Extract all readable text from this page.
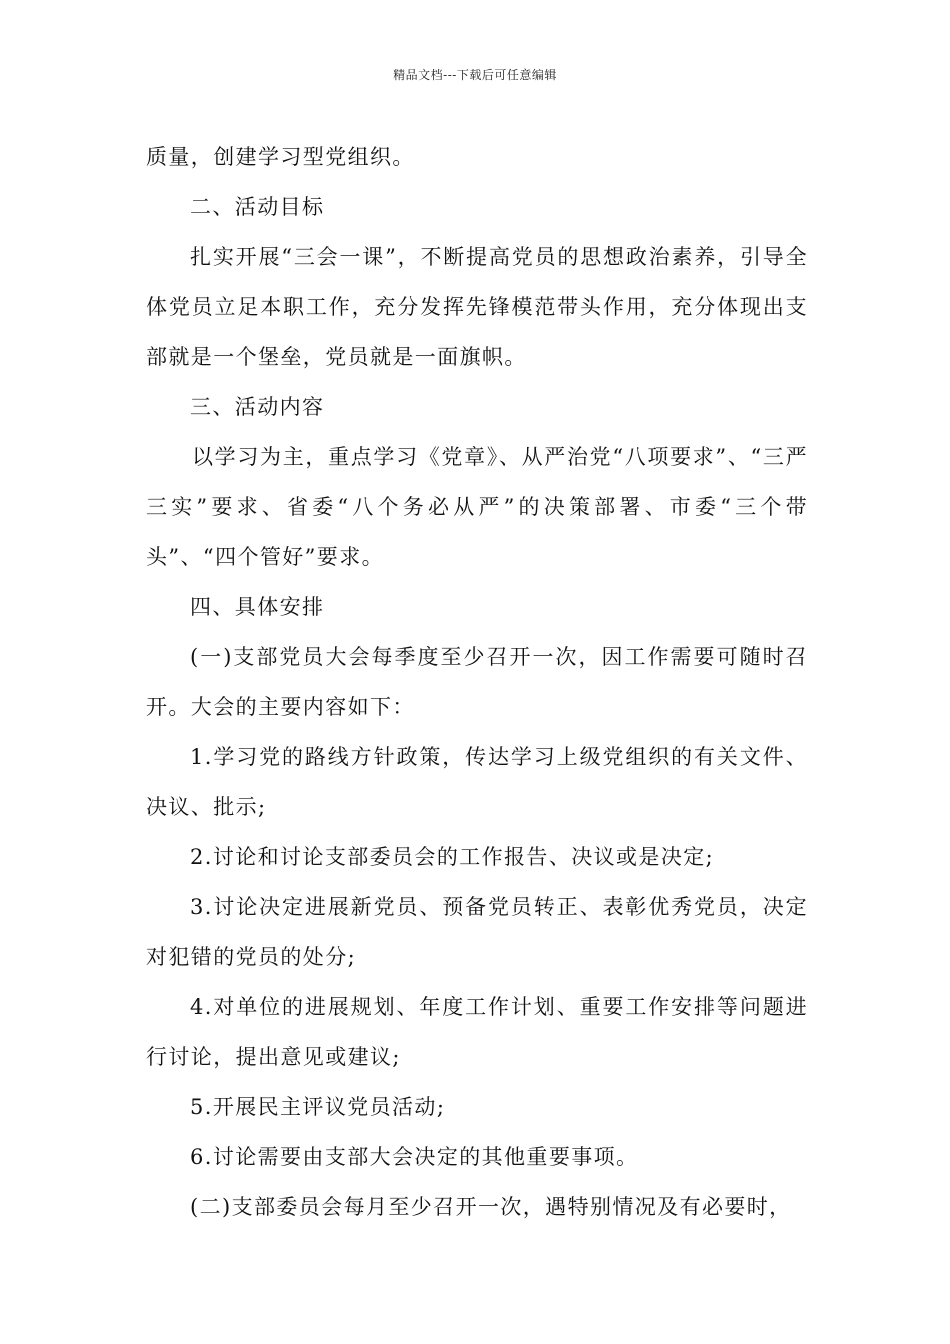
精品文档---下载后可任意编辑

质量，创建学习型党组织。

二、活动目标

扎实开展“三会一课”，不断提高党员的思想政治素养，引导全体党员立足本职工作，充分发挥先锋模范带头作用，充分体现出支部就是一个堡垒，党员就是一面旗帜。

三、活动内容

以学习为主，重点学习《党章》、从严治党“八项要求”、“三严三实”要求、省委“八个务必从严”的决策部署、市委“三个带头”、“四个管好”要求。

四、具体安排

(一)支部党员大会每季度至少召开一次，因工作需要可随时召开。大会的主要内容如下：

1.学习党的路线方针政策，传达学习上级党组织的有关文件、决议、批示;

2.讨论和讨论支部委员会的工作报告、决议或是决定;

3.讨论决定进展新党员、预备党员转正、表彰优秀党员，决定对犯错的党员的处分;

4.对单位的进展规划、年度工作计划、重要工作安排等问题进行讨论，提出意见或建议;

5.开展民主评议党员活动;

6.讨论需要由支部大会决定的其他重要事项。

(二)支部委员会每月至少召开一次，遇特别情况及有必要时，
